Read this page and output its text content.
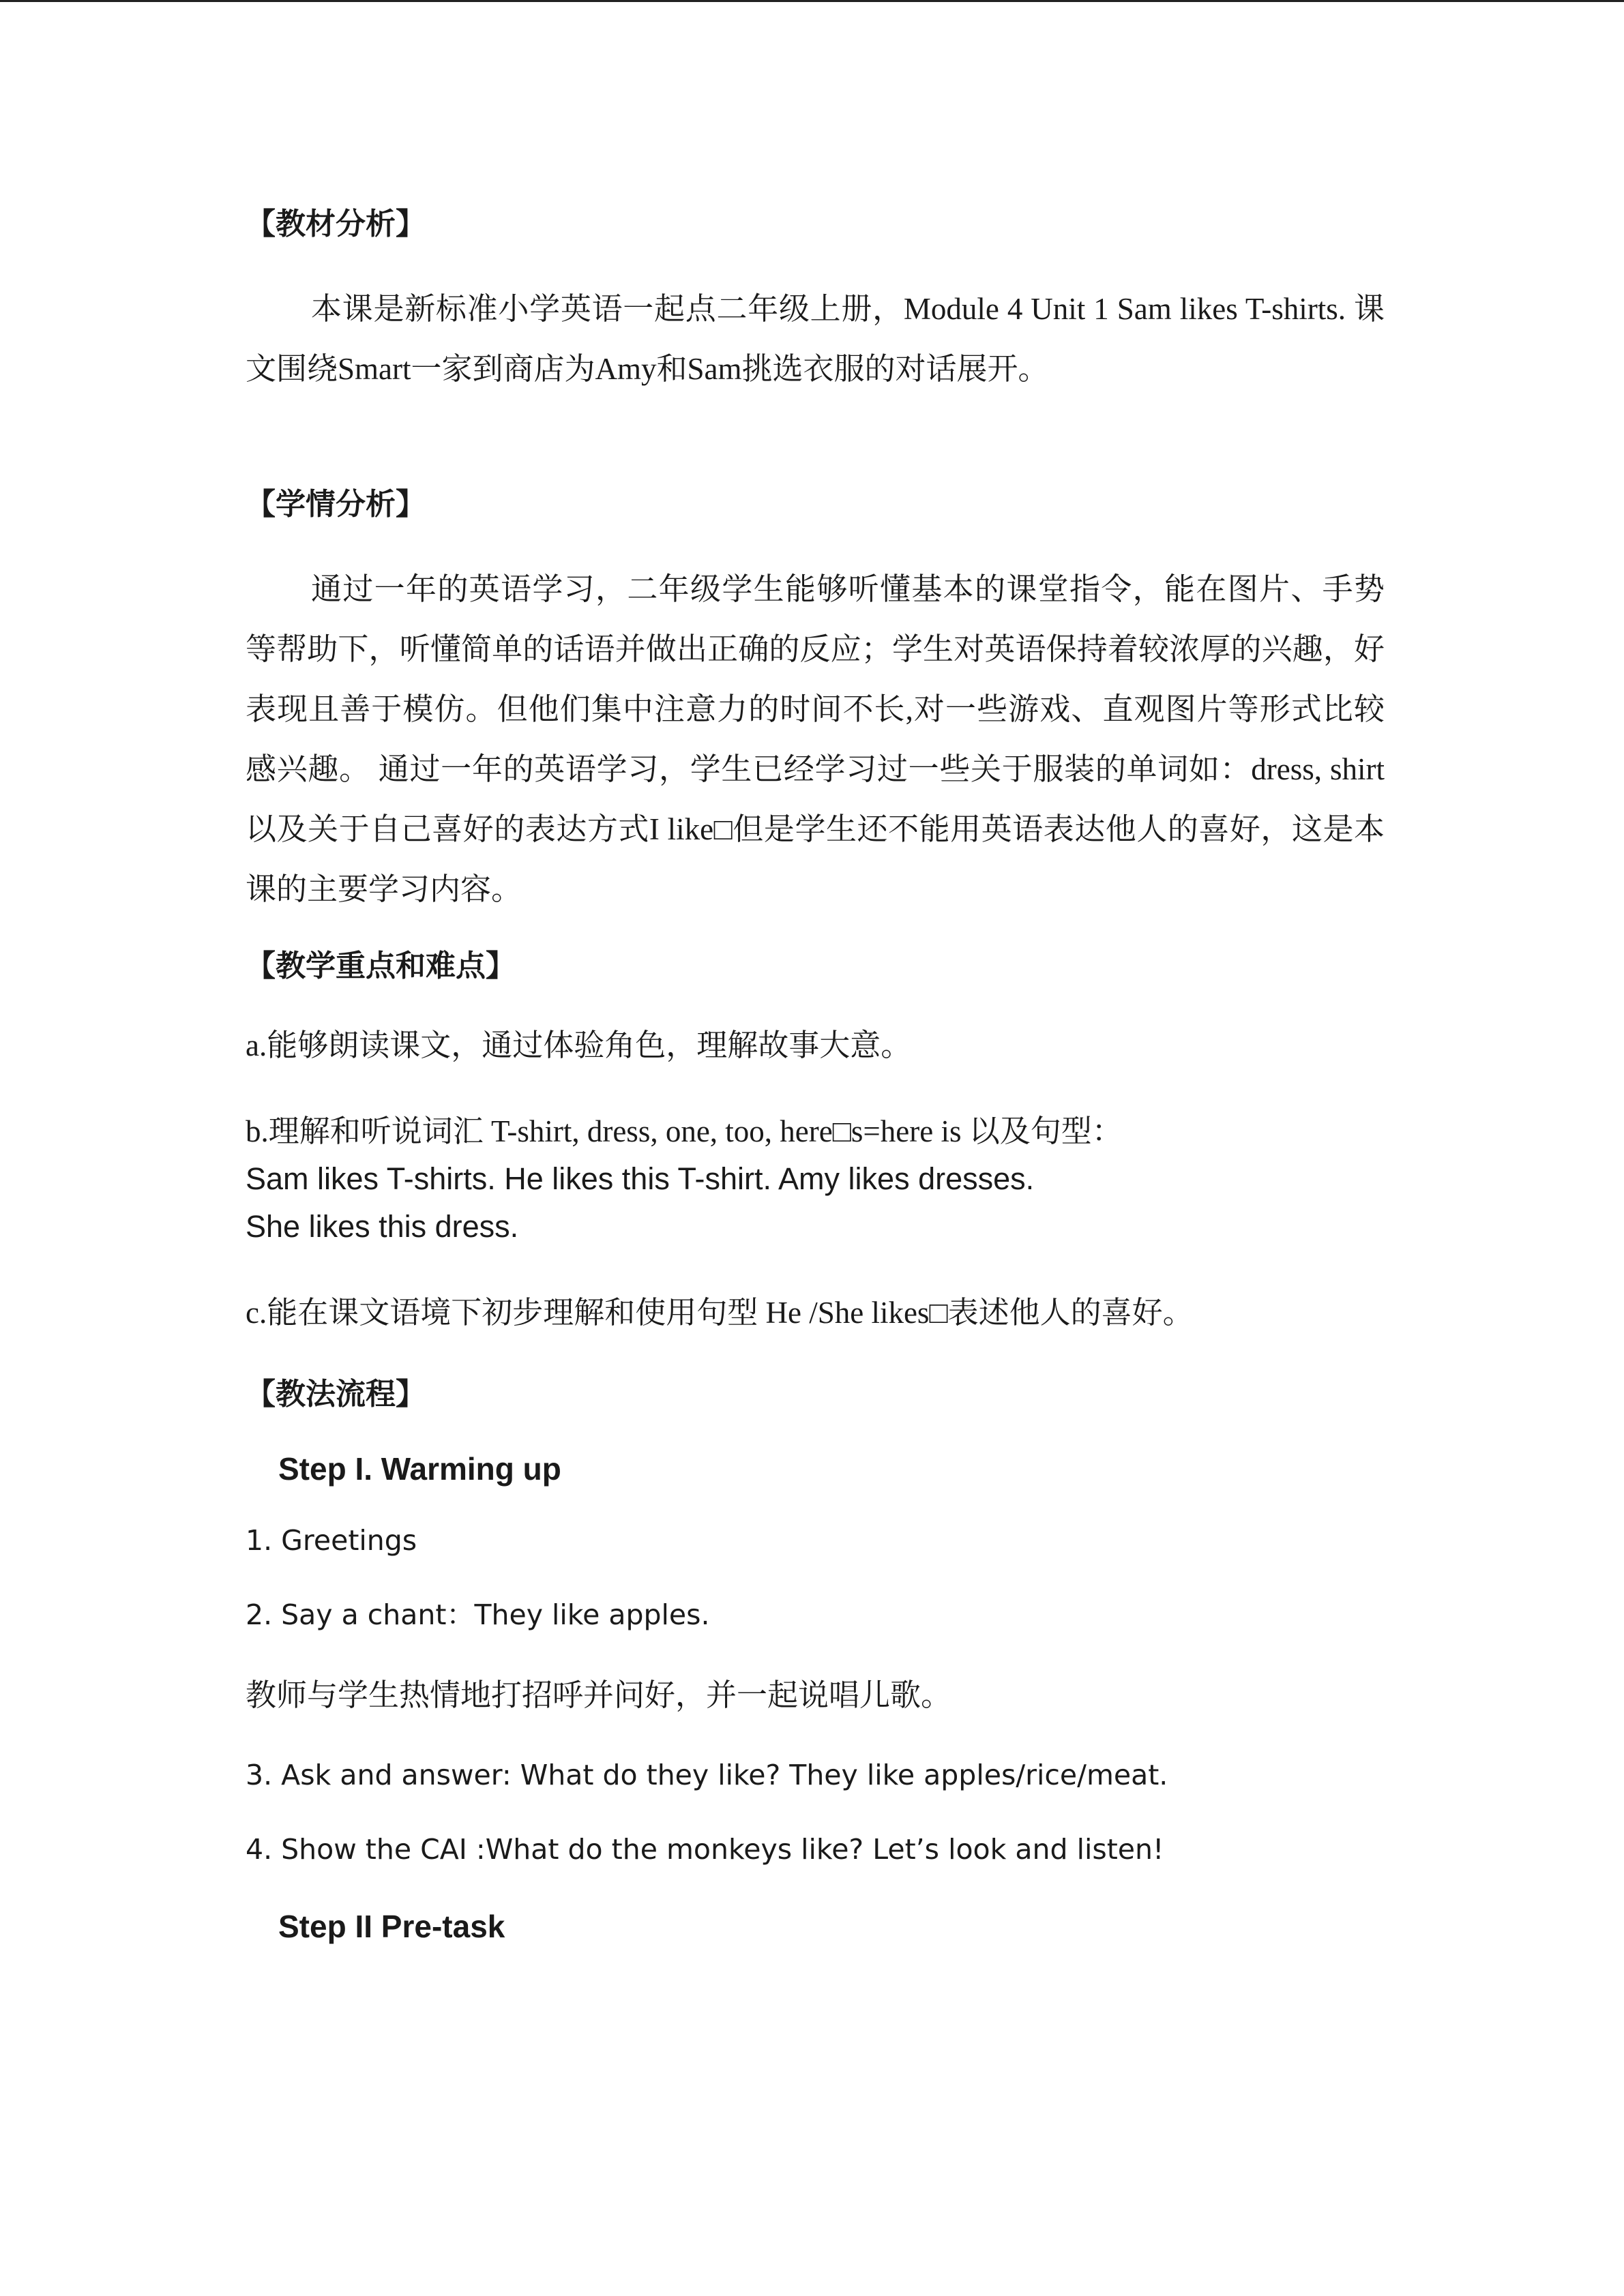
【教材分析】

本课是新标准小学英语一起点二年级上册，Module 4 Unit 1 Sam likes T-shirts. 课文围绕Smart一家到商店为Amy和Sam挑选衣服的对话展开。

【学情分析】

通过一年的英语学习，二年级学生能够听懂基本的课堂指令，能在图片、手势等帮助下，听懂简单的话语并做出正确的反应；学生对英语保持着较浓厚的兴趣，好表现且善于模仿。但他们集中注意力的时间不长,对一些游戏、直观图片等形式比较感兴趣。 通过一年的英语学习，学生已经学习过一些关于服装的单词如：dress, shirt以及关于自己喜好的表达方式I like□但是学生还不能用英语表达他人的喜好，这是本课的主要学习内容。

【教学重点和难点】
a.能够朗读课文，通过体验角色，理解故事大意。
b.理解和听说词汇 T-shirt, dress, one, too, here□s=here is 以及句型：
Sam likes T-shirts. He likes this T-shirt. Amy likes dresses.
She likes this dress.
c.能在课文语境下初步理解和使用句型 He /She likes□表述他人的喜好。
【教法流程】
Step I. Warming up
1. Greetings
2. Say a chant：They like apples.
教师与学生热情地打招呼并问好，并一起说唱儿歌。
3. Ask and answer: What do they like? They like apples/rice/meat.
4. Show the CAI :What do the monkeys like? Let’s look and listen!
Step II Pre-task
